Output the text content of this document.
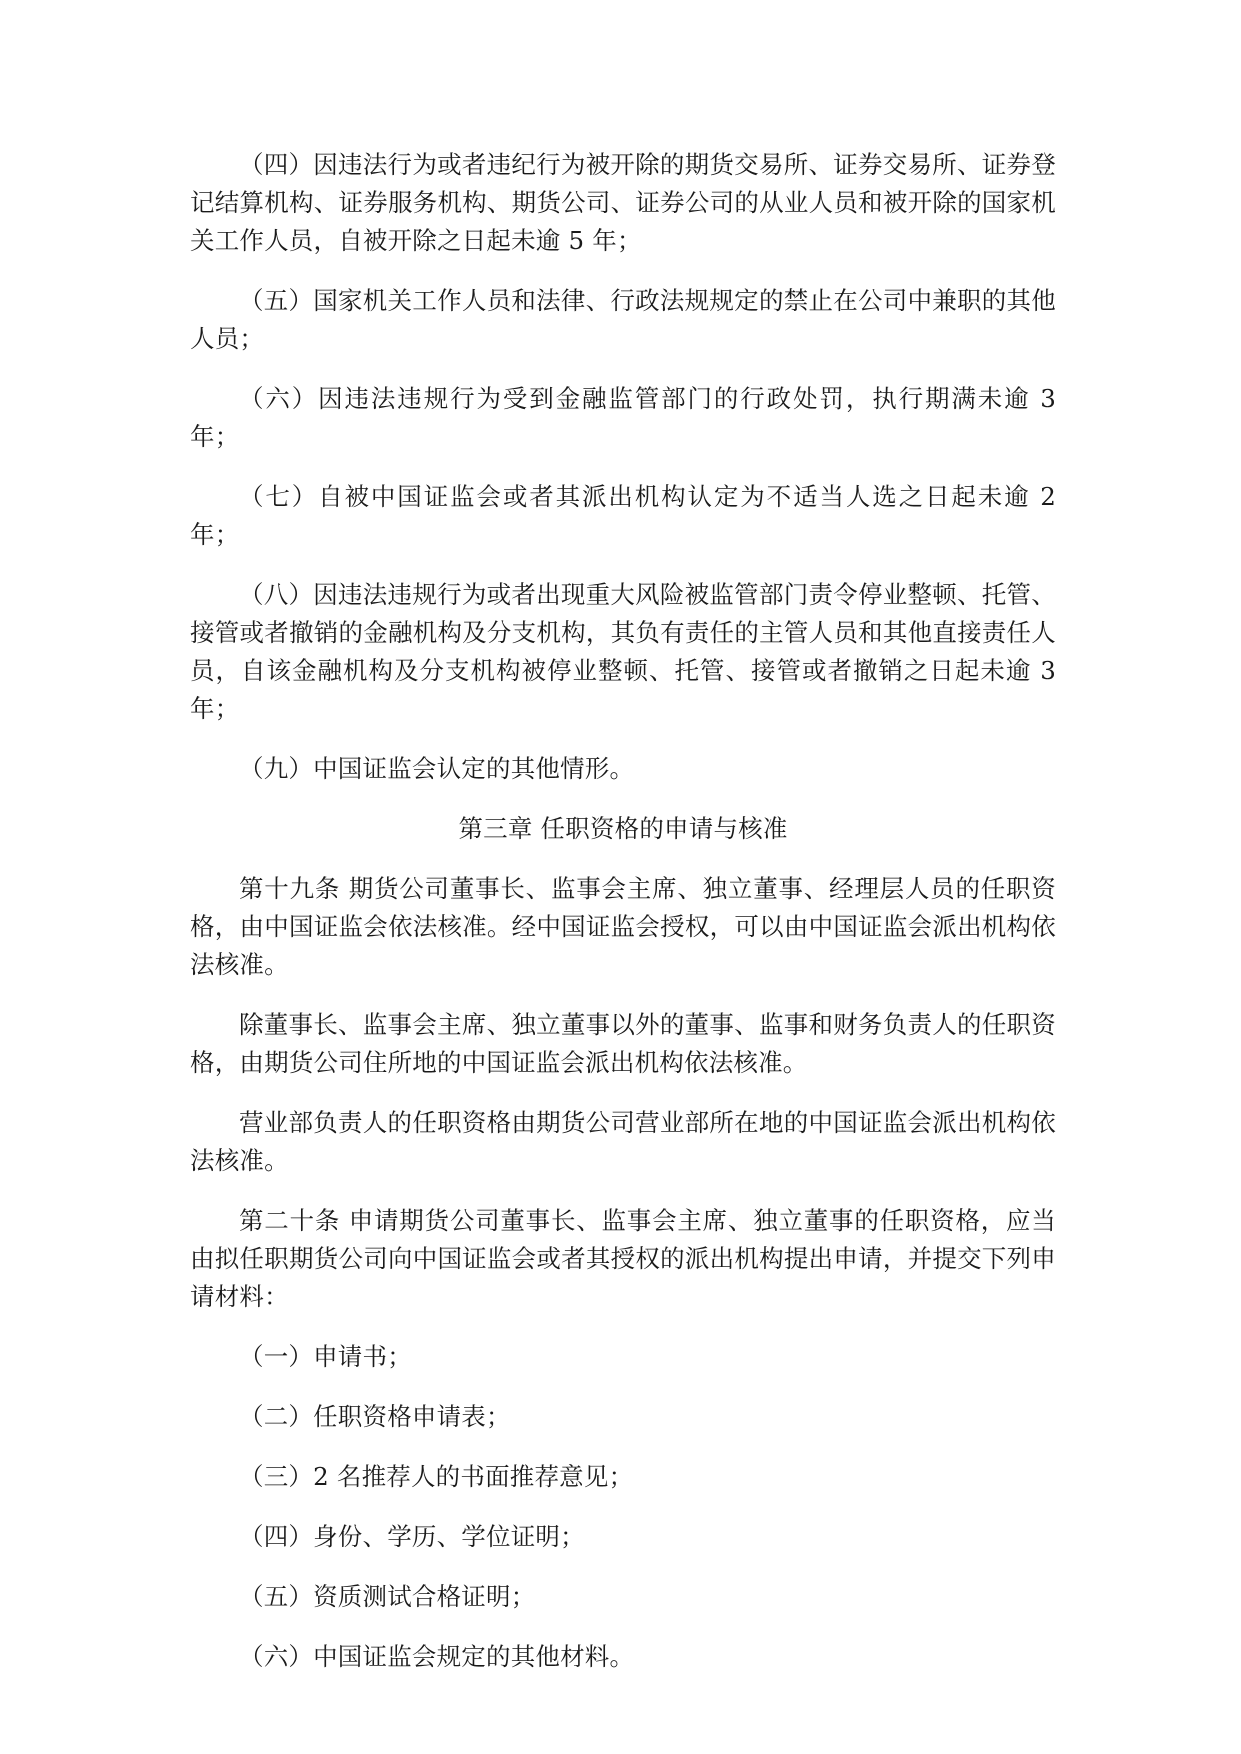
（四）因违法行为或者违纪行为被开除的期货交易所、证券交易所、证券登记结算机构、证券服务机构、期货公司、证券公司的从业人员和被开除的国家机关工作人员，自被开除之日起未逾 5 年；

（五）国家机关工作人员和法律、行政法规规定的禁止在公司中兼职的其他人员；

（六）因违法违规行为受到金融监管部门的行政处罚，执行期满未逾 3 年；

（七）自被中国证监会或者其派出机构认定为不适当人选之日起未逾 2 年；

（八）因违法违规行为或者出现重大风险被监管部门责令停业整顿、托管、接管或者撤销的金融机构及分支机构，其负有责任的主管人员和其他直接责任人员，自该金融机构及分支机构被停业整顿、托管、接管或者撤销之日起未逾 3 年；

（九）中国证监会认定的其他情形。

第三章 任职资格的申请与核准

第十九条 期货公司董事长、监事会主席、独立董事、经理层人员的任职资格，由中国证监会依法核准。经中国证监会授权，可以由中国证监会派出机构依法核准。

除董事长、监事会主席、独立董事以外的董事、监事和财务负责人的任职资格，由期货公司住所地的中国证监会派出机构依法核准。

营业部负责人的任职资格由期货公司营业部所在地的中国证监会派出机构依法核准。

第二十条 申请期货公司董事长、监事会主席、独立董事的任职资格，应当由拟任职期货公司向中国证监会或者其授权的派出机构提出申请，并提交下列申请材料：

（一）申请书；

（二）任职资格申请表；

（三）2 名推荐人的书面推荐意见；

（四）身份、学历、学位证明；

（五）资质测试合格证明；

（六）中国证监会规定的其他材料。
